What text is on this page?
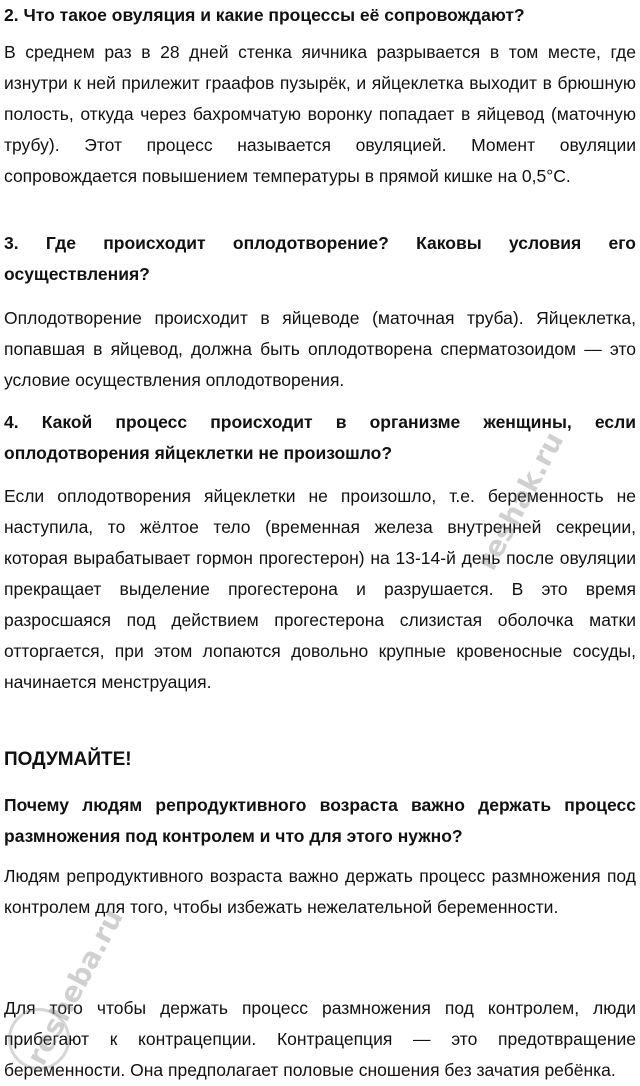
2. Что такое овуляция и какие процессы её сопровождают?

В среднем раз в 28 дней стенка яичника разрывается в том месте, где изнутри к ней прилежит граафов пузырёк, и яйцеклетка выходит в брюшную полость, откуда через бахромчатую воронку попадает в яйцевод (маточную трубу). Этот процесс называется овуляцией. Момент овуляции сопровождается повышением температуры в прямой кишке на 0,5°С.

3. Где происходит оплодотворение? Каковы условия его осуществления?

Оплодотворение происходит в яйцеводе (маточная труба). Яйцеклетка, попавшая в яйцевод, должна быть оплодотворена сперматозоидом — это условие осуществления оплодотворения.

4. Какой процесс происходит в организме женщины, если оплодотворения яйцеклетки не произошло?

Если оплодотворения яйцеклетки не произошло, т.е. беременность не наступила, то жёлтое тело (временная железа внутренней секреции, которая вырабатывает гормон прогестерон) на 13-14-й день после овуляции прекращает выделение прогестерона и разрушается. В это время разросшаяся под действием прогестерона слизистая оболочка матки отторгается, при этом лопаются довольно крупные кровеносные сосуды, начинается менструация.

ПОДУМАЙТЕ!

Почему людям репродуктивного возраста важно держать процесс размножения под контролем и что для этого нужно?

Людям репродуктивного возраста важно держать процесс размножения под контролем для того, чтобы избежать нежелательной беременности.

Для того чтобы держать процесс размножения под контролем, люди прибегают к контрацепции. Контрацепция — это предотвращение беременности. Она предполагает половые сношения без зачатия ребёнка.

reshak.ru
resheba.ru
